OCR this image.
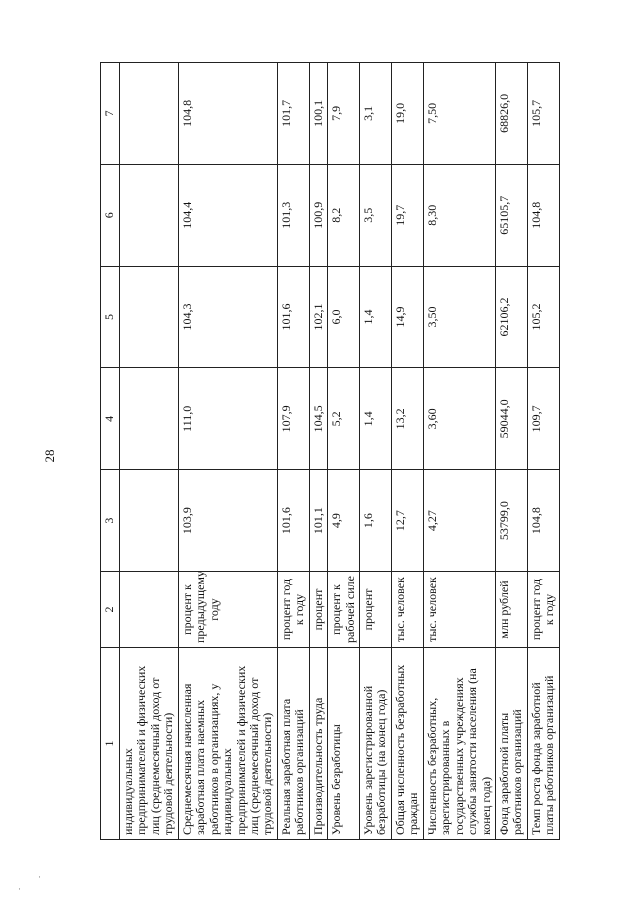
28
·
·
1	2	3	4	5	6	7
индивидуальных предпринимателей и физических лиц (среднемесячный доход от трудовой деятельности)						
Среднемесячная начисленная заработная плата наемных работников в организациях, у индивидуальных предпринимателей и физических лиц (среднемесячный доход от трудовой деятельности)	процент к предыдущему году	103,9	111,0	104,3	104,4	104,8
Реальная заработная плата работников организаций	процент год к году	101,6	107,9	101,6	101,3	101,7
Производительность труда	процент	101,1	104,5	102,1	100,9	100,1
Уровень безработицы	процент к рабочей силе	4,9	5,2	6,0	8,2	7,9
Уровень зарегистрированной безработицы (на конец года)	процент	1,6	1,4	1,4	3,5	3,1
Общая численность безработных граждан	тыс. человек	12,7	13,2	14,9	19,7	19,0
Численность безработных, зарегистрированных в государственных учреждениях службы занятости населения (на конец года)	тыс. человек	4,27	3,60	3,50	8,30	7,50
Фонд заработной платы работников организаций	млн рублей	53799,0	59044,0	62106,2	65105,7	68826,0
Темп роста фонда заработной платы работников организаций	процент год к году	104,8	109,7	105,2	104,8	105,7
